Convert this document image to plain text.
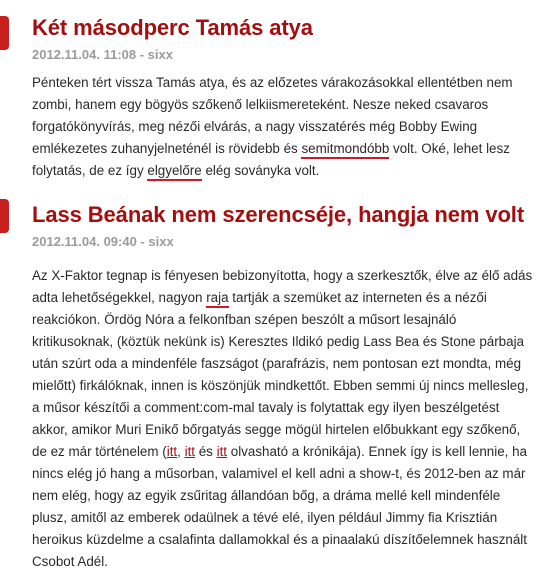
Két másodperc Tamás atya
2012.11.04. 11:08 - sixx

Pénteken tért vissza Tamás atya, és az előzetes várakozásokkal ellentétben nem zombi, hanem egy bögyös szőkenő lelkiismereteként. Nesze neked csavaros forgatókönyvírás, meg nézői elvárás, a nagy visszatérés még Bobby Ewing emlékezetes zuhanyjelneténél is rövidebb és semitmondóbb volt. Oké, lehet lesz folytatás, de ez így elgyelőre elég soványka volt.

Lass Beának nem szerencséje, hangja nem volt
2012.11.04. 09:40 - sixx

Az X-Faktor tegnap is fényesen bebizonyította, hogy a szerkesztők, élve az élő adás adta lehetőségekkel, nagyon raja tartják a szemüket az interneten és a nézői reakciókon. Ördög Nóra a felkonfban szépen beszólt a műsort lesajnáló kritikusoknak, (köztük nekünk is) Keresztes Ildikó pedig Lass Bea és Stone párbaja után szúrt oda a mindenféle faszságot (parafrázis, nem pontosan ezt mondta, még mielőtt) firkálóknak, innen is köszönjük mindkettőt. Ebben semmi új nincs mellesleg, a műsor készítői a comment:com-mal tavaly is folytattak egy ilyen beszélgetést akkor, amikor Muri Enikő bőrgatyás segge mögül hirtelen előbukkant egy szőkenő, de ez már történelem (itt, itt és itt olvasható a krónikája). Ennek így is kell lennie, ha nincs elég jó hang a műsorban, valamivel el kell adni a show-t, és 2012-ben az már nem elég, hogy az egyik zsűritag állandóan bőg, a dráma mellé kell mindenféle plusz, amitől az emberek odaülnek a tévé elé, ilyen például Jimmy fia Krisztián heroikus küzdelme a csalafinta dallamokkal és a pinaalakú díszítőelemnek használt Csobot Adél.
